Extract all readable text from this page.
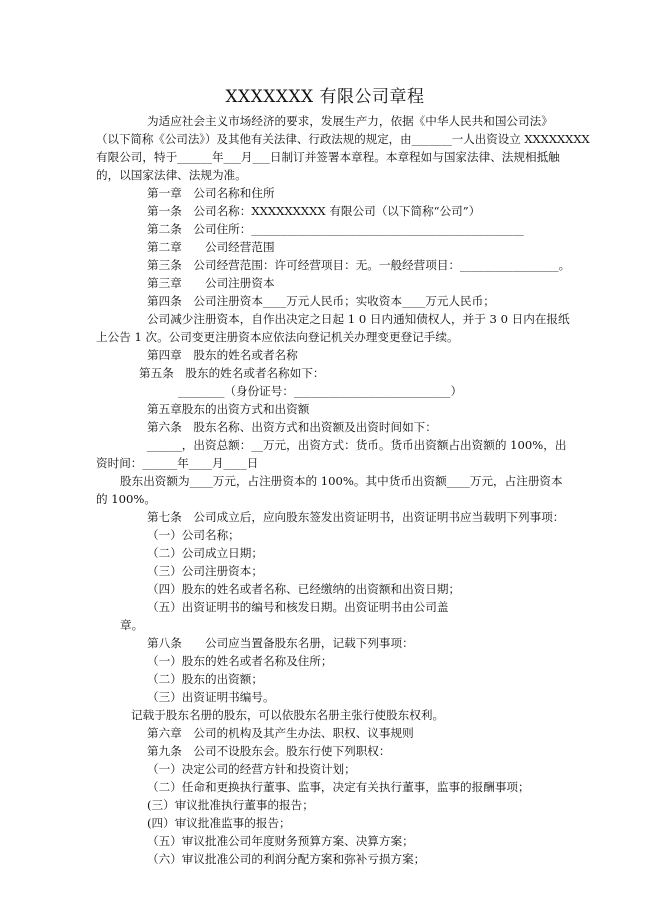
XXXXXXX 有限公司章程
为适应社会主义市场经济的要求，发展生产力，依据《中华人民共和国公司法》
（以下简称《公司法》）及其他有关法律、行政法规的规定，由_______一人出资设立 XXXXXXXX
有限公司，特于______年___月___日制订并签署本章程。本章程如与国家法律、法规相抵触
的，以国家法律、法规为准。
第一章　公司名称和住所
第一条　公司名称：XXXXXXXXX 有限公司（以下简称“公司”）
第二条　公司住所：_______________________________________________
第二章　　公司经营范围
第三条　公司经营范围：许可经营项目：无。一般经营项目：_________________。
第三章　　公司注册资本
第四条　公司注册资本____万元人民币；实收资本____万元人民币；
公司减少注册资本，自作出决定之日起 1 0 日内通知债权人，并于 3 0 日内在报纸
上公告 1 次。公司变更注册资本应依法向登记机关办理变更登记手续。
第四章　股东的姓名或者名称
第五条　股东的姓名或者名称如下：
________（身份证号：___________________________）
第五章股东的出资方式和出资额
第六条　股东名称、出资方式和出资额及出资时间如下：
______，出资总额：__万元，出资方式：货币。货币出资额占出资额的 100%，出
资时间：______年____月____日
股东出资额为____万元，占注册资本的 100%。其中货币出资额____万元，占注册资本
的 100%。
第七条　公司成立后，应向股东签发出资证明书，出资证明书应当载明下列事项：
（一）公司名称；
（二）公司成立日期；
（三）公司注册资本；
（四）股东的姓名或者名称、已经缴纳的出资额和出资日期；
（五）出资证明书的编号和核发日期。出资证明书由公司盖
章。
第八条　　公司应当置备股东名册，记载下列事项：
（一）股东的姓名或者名称及住所；
（二）股东的出资额；
（三）出资证明书编号。
记载于股东名册的股东，可以依股东名册主张行使股东权利。
第六章　公司的机构及其产生办法、职权、议事规则
第九条　公司不设股东会。股东行使下列职权：
（一）决定公司的经营方针和投资计划；
（二）任命和更换执行董事、监事，决定有关执行董事，监事的报酬事项；
(三）审议批准执行董事的报告；
(四）审议批准监事的报告；
（五）审议批准公司年度财务预算方案、决算方案；
（六）审议批准公司的利润分配方案和弥补亏损方案；
